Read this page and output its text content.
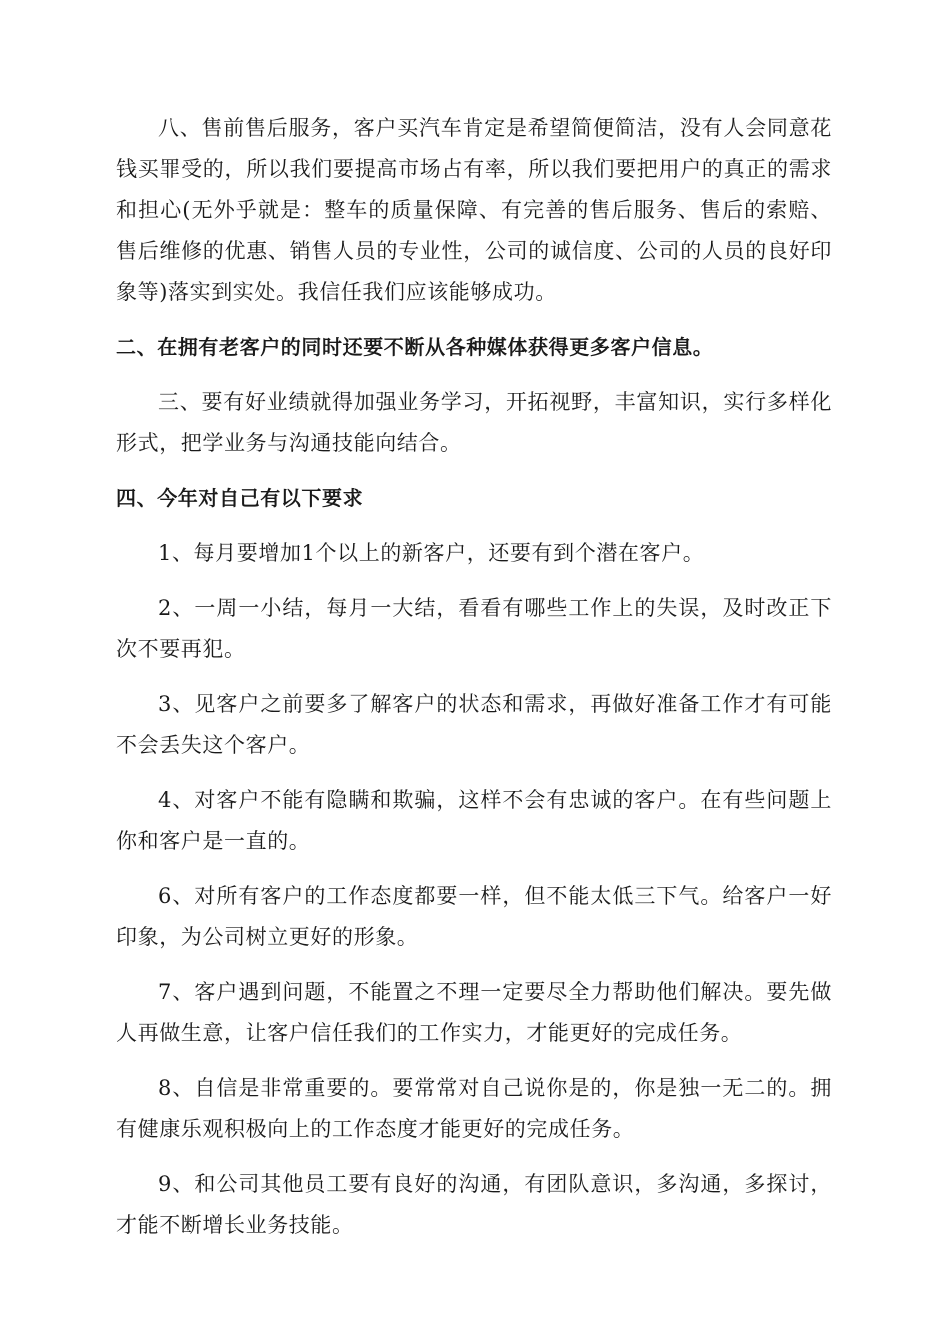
八、售前售后服务，客户买汽车肯定是希望简便简洁，没有人会同意花钱买罪受的，所以我们要提高市场占有率，所以我们要把用户的真正的需求和担心(无外乎就是：整车的质量保障、有完善的售后服务、售后的索赔、售后维修的优惠、销售人员的专业性，公司的诚信度、公司的人员的良好印象等)落实到实处。我信任我们应该能够成功。

二、在拥有老客户的同时还要不断从各种媒体获得更多客户信息。

三、要有好业绩就得加强业务学习，开拓视野，丰富知识，实行多样化形式，把学业务与沟通技能向结合。

四、今年对自己有以下要求

1、每月要增加1个以上的新客户，还要有到个潜在客户。

2、一周一小结，每月一大结，看看有哪些工作上的失误，及时改正下次不要再犯。

3、见客户之前要多了解客户的状态和需求，再做好准备工作才有可能不会丢失这个客户。

4、对客户不能有隐瞒和欺骗，这样不会有忠诚的客户。在有些问题上你和客户是一直的。

6、对所有客户的工作态度都要一样，但不能太低三下气。给客户一好印象，为公司树立更好的形象。

7、客户遇到问题，不能置之不理一定要尽全力帮助他们解决。要先做人再做生意，让客户信任我们的工作实力，才能更好的完成任务。

8、自信是非常重要的。要常常对自己说你是的，你是独一无二的。拥有健康乐观积极向上的工作态度才能更好的完成任务。

9、和公司其他员工要有良好的沟通，有团队意识，多沟通，多探讨，才能不断增长业务技能。
